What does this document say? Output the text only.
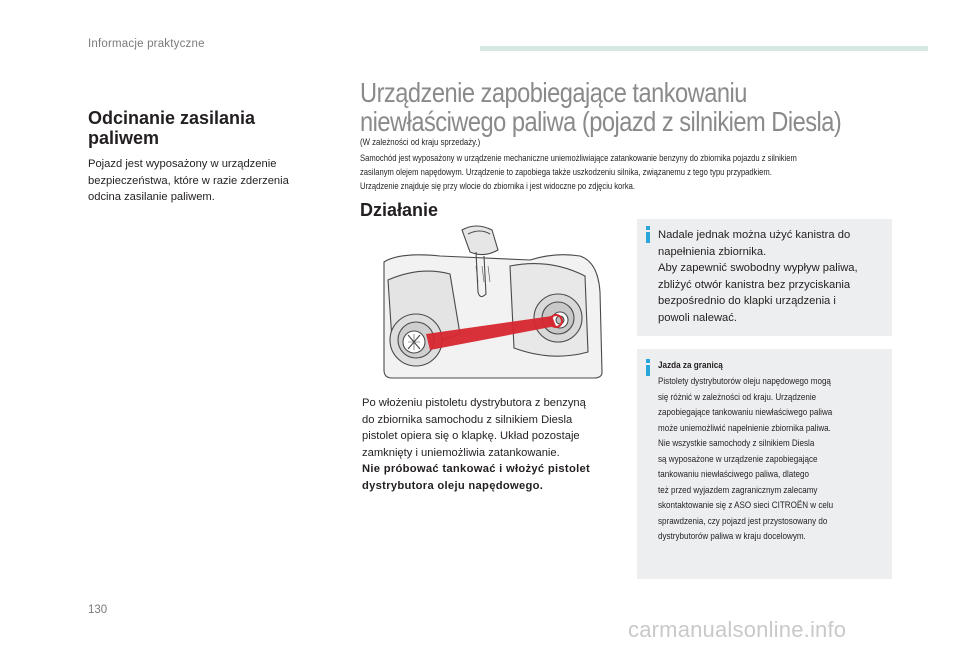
Informacje praktyczne
Odcinanie zasilania
paliwem
Pojazd jest wyposażony w urządzenie
bezpieczeństwa, które w razie zderzenia
odcina zasilanie paliwem.
Urządzenie zapobiegające tankowaniu
niewłaściwego paliwa (pojazd z silnikiem Diesla)
(W zależności od kraju sprzedaży.)
Samochód jest wyposażony w urządzenie mechaniczne uniemożliwiające zatankowanie benzyny do zbiornika pojazdu z silnikiem
zasilanym olejem napędowym. Urządzenie to zapobiega także uszkodzeniu silnika, związanemu z tego typu przypadkiem.
Urządzenie znajduje się przy wlocie do zbiornika i jest widoczne po zdjęciu korka.
Działanie
Po włożeniu pistoletu dystrybutora z benzyną
do zbiornika samochodu z silnikiem Diesla
pistolet opiera się o klapkę. Układ pozostaje
zamknięty i uniemożliwia zatankowanie.
Nie próbować tankować i włożyć pistolet
dystrybutora oleju napędowego.
Nadale jednak można użyć kanistra do
napełnienia zbiornika.
Aby zapewnić swobodny wypływ paliwa,
zbliżyć otwór kanistra bez przyciskania
bezpośrednio do klapki urządzenia i
powoli nalewać.
Jazda za granicą
Pistolety dystrybutorów oleju napędowego mogą
się różnić w zależności od kraju. Urządzenie
zapobiegające tankowaniu niewłaściwego paliwa
może uniemożliwić napełnienie zbiornika paliwa.
Nie wszystkie samochody z silnikiem Diesla
są wyposażone w urządzenie zapobiegające
tankowaniu niewłaściwego paliwa, dlatego
też przed wyjazdem zagranicznym zalecamy
skontaktowanie się z ASO sieci CITROËN w celu
sprawdzenia, czy pojazd jest przystosowany do
dystrybutorów paliwa w kraju docelowym.
130
carmanualsonline.info
